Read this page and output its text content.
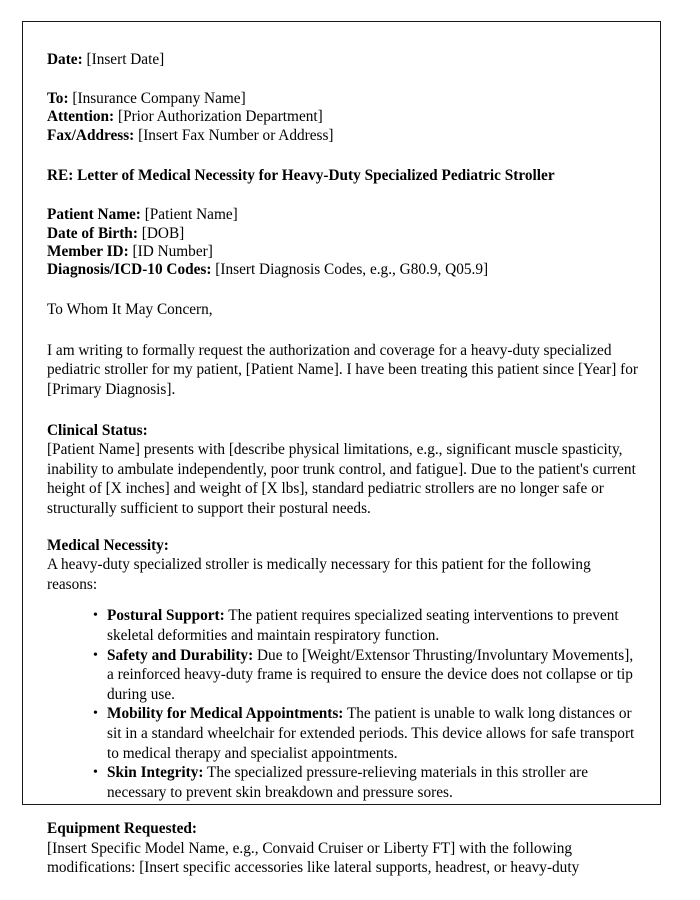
Date: [Insert Date]
To: [Insurance Company Name]
Attention: [Prior Authorization Department]
Fax/Address: [Insert Fax Number or Address]
RE: Letter of Medical Necessity for Heavy-Duty Specialized Pediatric Stroller
Patient Name: [Patient Name]
Date of Birth: [DOB]
Member ID: [ID Number]
Diagnosis/ICD-10 Codes: [Insert Diagnosis Codes, e.g., G80.9, Q05.9]
To Whom It May Concern,
I am writing to formally request the authorization and coverage for a heavy-duty specialized pediatric stroller for my patient, [Patient Name]. I have been treating this patient since [Year] for [Primary Diagnosis].
Clinical Status:
[Patient Name] presents with [describe physical limitations, e.g., significant muscle spasticity, inability to ambulate independently, poor trunk control, and fatigue]. Due to the patient's current height of [X inches] and weight of [X lbs], standard pediatric strollers are no longer safe or structurally sufficient to support their postural needs.
Medical Necessity:
A heavy-duty specialized stroller is medically necessary for this patient for the following reasons:
• Postural Support: The patient requires specialized seating interventions to prevent skeletal deformities and maintain respiratory function.
• Safety and Durability: Due to [Weight/Extensor Thrusting/Involuntary Movements], a reinforced heavy-duty frame is required to ensure the device does not collapse or tip during use.
• Mobility for Medical Appointments: The patient is unable to walk long distances or sit in a standard wheelchair for extended periods. This device allows for safe transport to medical therapy and specialist appointments.
• Skin Integrity: The specialized pressure-relieving materials in this stroller are necessary to prevent skin breakdown and pressure sores.
Equipment Requested:
[Insert Specific Model Name, e.g., Convaid Cruiser or Liberty FT] with the following modifications: [Insert specific accessories like lateral supports, headrest, or heavy-duty
